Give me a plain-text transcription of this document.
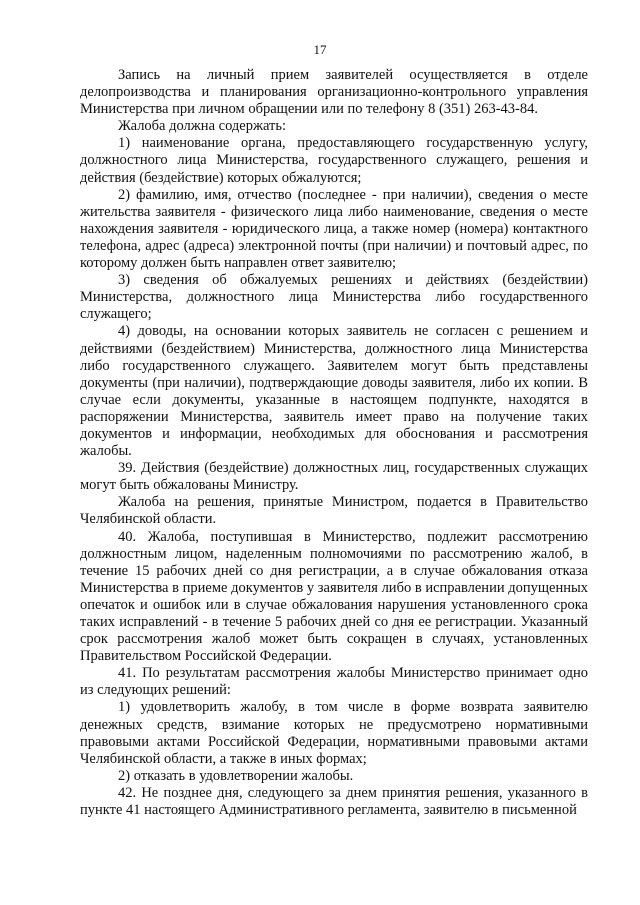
17

Запись на личный прием заявителей осуществляется в отделе делопроизводства и планирования организационно-контрольного управления Министерства при личном обращении или по телефону 8 (351) 263-43-84.

Жалоба должна содержать:

1) наименование органа, предоставляющего государственную услугу, должностного лица Министерства, государственного служащего, решения и действия (бездействие) которых обжалуются;

2) фамилию, имя, отчество (последнее - при наличии), сведения о месте жительства заявителя - физического лица либо наименование, сведения о месте нахождения заявителя - юридического лица, а также номер (номера) контактного телефона, адрес (адреса) электронной почты (при наличии) и почтовый адрес, по которому должен быть направлен ответ заявителю;

3) сведения об обжалуемых решениях и действиях (бездействии) Министерства, должностного лица Министерства либо государственного служащего;

4) доводы, на основании которых заявитель не согласен с решением и действиями (бездействием) Министерства, должностного лица Министерства либо государственного служащего. Заявителем могут быть представлены документы (при наличии), подтверждающие доводы заявителя, либо их копии. В случае если документы, указанные в настоящем подпункте, находятся в распоряжении Министерства, заявитель имеет право на получение таких документов и информации, необходимых для обоснования и рассмотрения жалобы.

39. Действия (бездействие) должностных лиц, государственных служащих могут быть обжалованы Министру.

Жалоба на решения, принятые Министром, подается в Правительство Челябинской области.

40. Жалоба, поступившая в Министерство, подлежит рассмотрению должностным лицом, наделенным полномочиями по рассмотрению жалоб, в течение 15 рабочих дней со дня регистрации, а в случае обжалования отказа Министерства в приеме документов у заявителя либо в исправлении допущенных опечаток и ошибок или в случае обжалования нарушения установленного срока таких исправлений - в течение 5 рабочих дней со дня ее регистрации. Указанный срок рассмотрения жалоб может быть сокращен в случаях, установленных Правительством Российской Федерации.

41. По результатам рассмотрения жалобы Министерство принимает одно из следующих решений:

1) удовлетворить жалобу, в том числе в форме возврата заявителю денежных средств, взимание которых не предусмотрено нормативными правовыми актами Российской Федерации, нормативными правовыми актами Челябинской области, а также в иных формах;

2) отказать в удовлетворении жалобы.

42. Не позднее дня, следующего за днем принятия решения, указанного в пункте 41 настоящего Административного регламента, заявителю в письменной
